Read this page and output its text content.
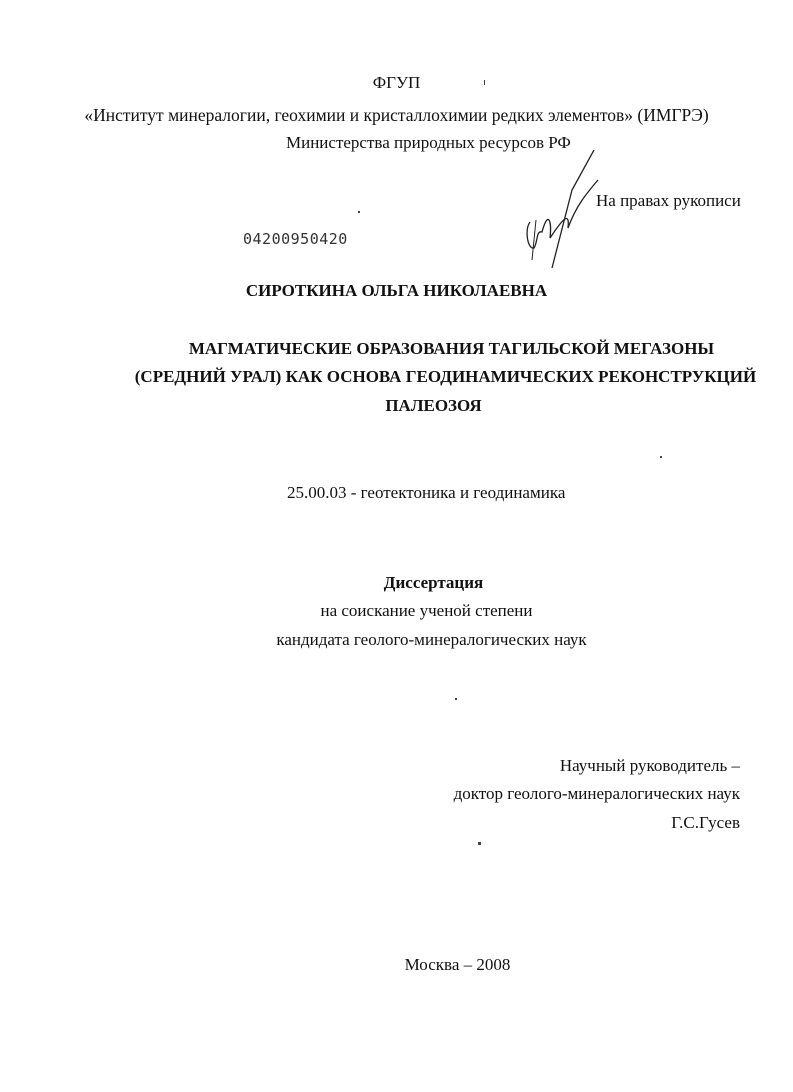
ФГУП
«Институт минералогии, геохимии и кристаллохимии редких элементов» (ИМГРЭ)
Министерства природных ресурсов РФ
На правах рукописи
04200950420
СИРОТКИНА ОЛЬГА НИКОЛАЕВНА
МАГМАТИЧЕСКИЕ ОБРАЗОВАНИЯ ТАГИЛЬСКОЙ МЕГАЗОНЫ
(СРЕДНИЙ УРАЛ) КАК ОСНОВА ГЕОДИНАМИЧЕСКИХ РЕКОНСТРУКЦИЙ
ПАЛЕОЗОЯ
25.00.03 - геотектоника и геодинамика
Диссертация
на соискание ученой степени
кандидата геолого-минералогических наук
Научный руководитель –
доктор геолого-минералогических наук
Г.С.Гусев
Москва – 2008
